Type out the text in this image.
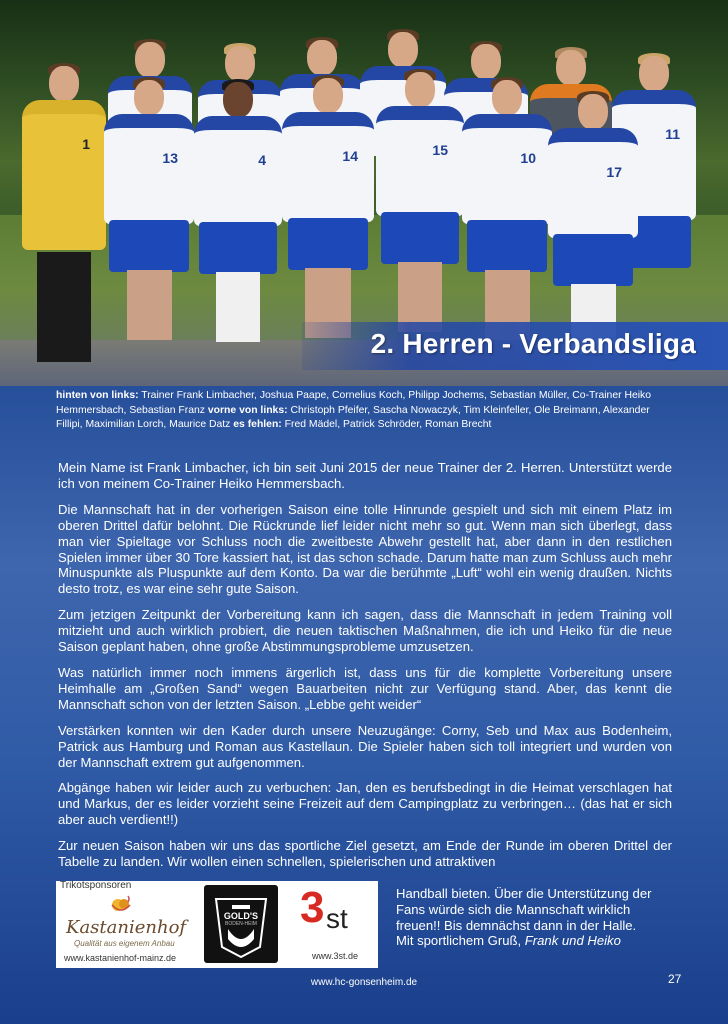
11
1
13	4	14	15	10
17
2. Herren - Verbandsliga
hinten von links: Trainer Frank Limbacher, Joshua Paape, Cornelius Koch, Philipp Jochems, Sebastian Müller, Co-Trainer Heiko Hemmersbach, Sebastian Franz vorne von links: Christoph Pfeifer, Sascha Nowaczyk, Tim Kleinfeller, Ole Breimann, Alexander Fillipi, Maximilian Lorch, Maurice Datz es fehlen: Fred Mädel, Patrick Schröder, Roman Brecht

Mein Name ist Frank Limbacher, ich bin seit Juni 2015 der neue Trainer der 2. Herren. Unterstützt werde ich von meinem Co-Trainer Heiko Hemmersbach.

Die Mannschaft hat in der vorherigen Saison eine tolle Hinrunde gespielt und sich mit einem Platz im oberen Drittel dafür belohnt. Die Rückrunde lief leider nicht mehr so gut. Wenn man sich überlegt, dass man vier Spieltage vor Schluss noch die zweitbeste Abwehr gestellt hat, aber dann in den restlichen Spielen immer über 30 Tore kassiert hat, ist das schon schade. Darum hatte man zum Schluss auch mehr Minuspunkte als Pluspunkte auf dem Konto. Da war die berühmte „Luft“ wohl ein wenig draußen. Nichts desto trotz, es war eine sehr gute Saison.

Zum jetzigen Zeitpunkt der Vorbereitung kann ich sagen, dass die Mannschaft in jedem Training voll mitzieht und auch wirklich probiert, die neuen taktischen Maßnahmen, die ich und Heiko für die neue Saison geplant haben, ohne große Abstimmungsprobleme umzusetzen.

Was natürlich immer noch immens ärgerlich ist, dass uns für die komplette Vorbereitung unsere Heimhalle am „Großen Sand“ wegen Bauarbeiten nicht zur Verfügung stand. Aber, das kennt die Mannschaft schon von der letzten Saison. „Lebbe geht weider“

Verstärken konnten wir den Kader durch unsere Neuzugänge: Corny, Seb und Max aus Bodenheim, Patrick aus Hamburg und Roman aus Kastellaun. Die Spieler haben sich toll integriert und wurden von der Mannschaft extrem gut aufgenommen.

Abgänge haben wir leider auch zu verbuchen: Jan, den es berufsbedingt in die Heimat verschlagen hat und Markus, der es leider vorzieht seine Freizeit auf dem Campingplatz zu verbringen… (das hat er sich aber auch verdient!!)

Zur neuen Saison haben wir uns das sportliche Ziel gesetzt, am Ende der Runde im oberen Drittel der Tabelle zu landen. Wir wollen einen schnellen, spielerischen und attraktiven

Trikotsponsoren
Kastanienhof
Qualität aus eigenem Anbau
www.kastanienhof-mainz.de
GOLD'S
BODEN-HEIM 3 st
www.3st.de
Handball bieten. Über die Unterstützung der Fans würde sich die Mannschaft wirklich freuen!! Bis demnächst dann in der Halle.
Mit sportlichem Gruß, Frank und Heiko
www.hc-gonsenheim.de	27
